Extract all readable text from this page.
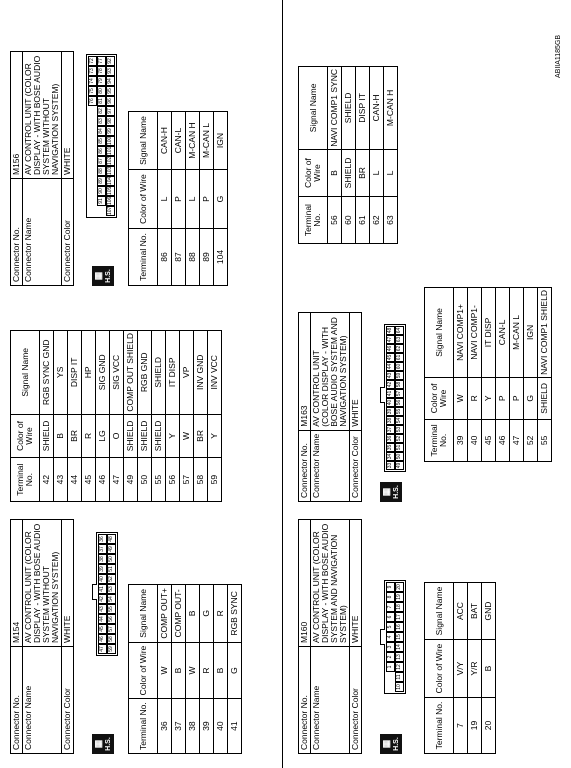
Connector No.	M154
Connector Name	AV CONTROL UNIT (COLOR DISPLAY - WITH BOSE AUDIO SYSTEM WITHOUT NAVIGATION SYSTEM)
Connector Color	WHITE
▦ H.S.
47
46
45
44
43
42
41
40
39
38
37
36
59
58
57
56
55
54
53
52
51
50
49
48
Terminal No.	Color of Wire	Signal Name
36	W	COMP OUT+
37	B	COMP OUT-
38	W	B
39	R	G
40	B	R
41	G	RGB SYNC
Terminal No.	Color of Wire	Signal Name
42	SHIELD	RGB SYNC GND
43	B	YS
44	BR	DISP IT
45	R	HP
46	LG	SIG GND
47	O	SIG VCC
49	SHIELD	COMP OUT SHIELD
50	SHIELD	RGB GND
55	SHIELD	SHIELD
56	Y	IT DISP
57	W	VP
58	BR	INV GND
59	Y	INV VCC
Connector No.	M156
Connector Name	AV CONTROL UNIT (COLOR DISPLAY - WITH BOSE AUDIO SYSTEM WITHOUT NAVIGATION SYSTEM)
Connector Color	WHITE
▦ H.S.
76
75
74
73
72
91
90
89
88
87
86
85
84
83
82
81
80
79
78
77
107
106
105
104
103
102
101
100
99
98
97
96
95
94
93
92
Terminal No.	Color of Wire	Signal Name
86	L	CAN-H
87	P	CAN-L
88	L	M-CAN H
89	P	M-CAN L
104	G	IGN
Connector No.	M160
Connector Name	AV CONTROL UNIT (COLOR DISPLAY - WITH BOSE AUDIO SYSTEM AND NAVIGATION SYSTEM)
Connector Color	WHITE
▦ H.S.
1
2
3
4
5
6
7
8
9
10
11
12
13
14
15
16
17
18
19
20
Terminal No.	Color of Wire	Signal Name
7	V/Y	ACC
19	Y/R	BAT
20	B	GND
Connector No.	M163
Connector Name	AV CONTROL UNIT (COLOR DISPLAY - WITH BOSE AUDIO SYSTEM AND NAVIGATION SYSTEM)
Connector Color	WHITE
▦ H.S.
33
34
35
36
37
38
39
40
41
42
43
44
45
46
47
48
49
50
51
52
53
54
55
56
57
58
59
60
61
62
63
64
Terminal No.	Color of Wire	Signal Name
39	W	NAVI COMP1+
40	R	NAVI COMP1-
45	Y	IT DISP
46	P	CAN-L
47	P	M-CAN L
52	G	IGN
55	SHIELD	NAVI COMP1 SHIELD
Terminal No.	Color of Wire	Signal Name
56	B	NAVI COMP1 SYNC
60	SHIELD	SHIELD
61	BR	DISP IT
62	L	CAN-H
63	L	M-CAN H
ABIIA1185GB
